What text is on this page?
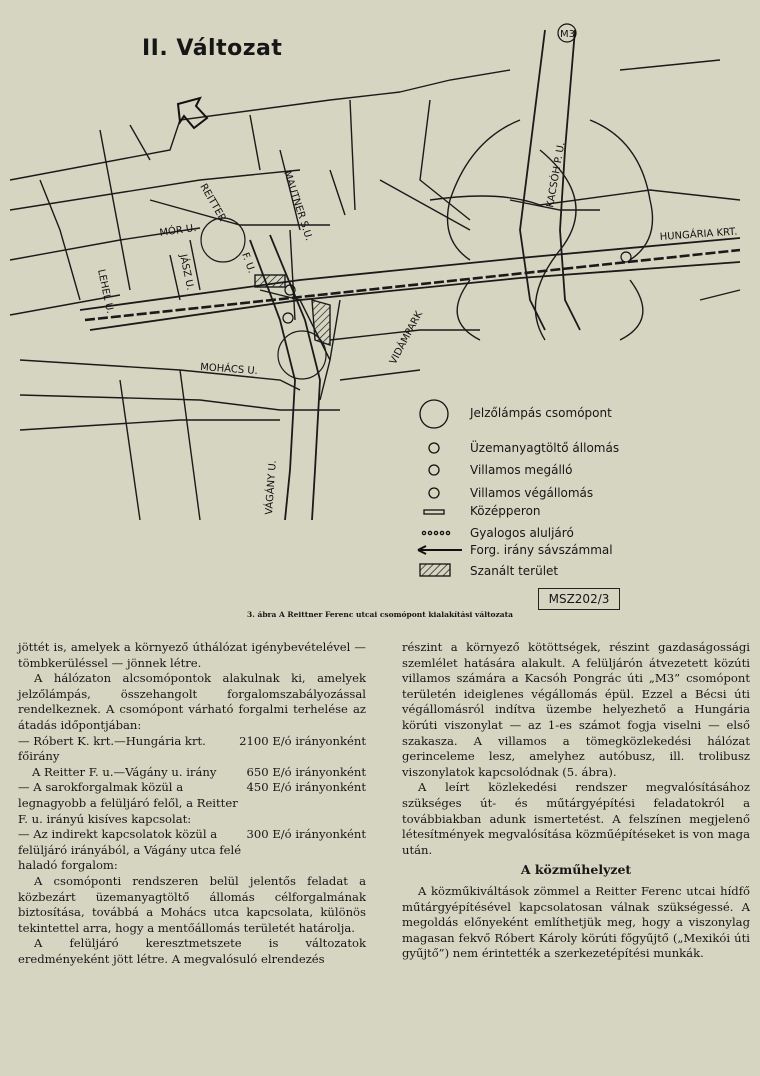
M3
REITTER	MAUTNER S.U.	KACSÓH P. U.
HUNGÁRIA KRT.
MÓR U.
JÁSZ U.	F. U.
LEHEL U.
VIDÁMPARK
MOHÁCS U.
VÁGÁNY U.
II. Változat
Jelzőlámpás csomópont
Üzemanyagtöltő állomás
Villamos megálló
Villamos végállomás
Középperon
Gyalogos aluljáró
Forg. irány sávszámmal
Szanált terület
MSZ202/3
3. ábra A Reittner Ferenc utcai csomópont kialakítási változata

jöttét is, amelyek a környező úthálózat igénybevételével — tömbkerüléssel — jönnek létre.

A hálózaton alcsomópontok alakulnak ki, amelyek jelzőlámpás, összehangolt forgalomszabályozással rendelkeznek. A csomópont várható forgalmi terhelése az átadás időpontjában:

— Róbert K. krt.—Hungária krt. főirány
2100 E/ó irányonként
A Reitter F. u.—Vágány u. irány	650 E/ó irányonként
— A sarokforgalmak közül a legnagyobb a felüljáró felől, a Reitter F. u. irányú kisíves kapcsolat:
450 E/ó irányonként
— Az indirekt kapcsolatok közül a felüljáró irányából, a Vágány utca felé haladó forgalom:
300 E/ó irányonként

A csomóponti rendszeren belül jelentős feladat a közbezárt üzemanyagtöltő állomás célforgalmának biztosítása, továbbá a Mohács utca kapcsolata, különös tekintettel arra, hogy a mentőállomás területét határolja.

A felüljáró keresztmetszete is változatok eredményeként jött létre. A megvalósuló elrendezés

részint a környező kötöttségek, részint gazdaságossági szemlélet hatására alakult. A felüljárón átvezetett közúti villamos számára a Kacsóh Pongrác úti „M3” csomópont területén ideiglenes végállomás épül. Ezzel a Bécsi úti végállomásról indítva üzembe helyezhető a Hungária körúti viszonylat — az 1-es számot fogja viselni — első szakasza. A villamos a tömegközlekedési hálózat gerinceleme lesz, amelyhez autóbusz, ill. trolibusz viszonylatok kapcsolódnak (5. ábra).

A leírt közlekedési rendszer megvalósításához szükséges út- és műtárgyépítési feladatokról a továbbiakban adunk ismertetést. A felszínen megjelenő létesítmények megvalósítása közműépítéseket is von maga után.

A közműhelyzet

A közműkiváltások zömmel a Reitter Ferenc utcai hídfő műtárgyépítésével kapcsolatosan válnak szükségessé. A megoldás előnyeként említhetjük meg, hogy a viszonylag magasan fekvő Róbert Károly körúti főgyűjtő („Mexikói úti gyűjtő”) nem érintették a szerkezetépítési munkák.
